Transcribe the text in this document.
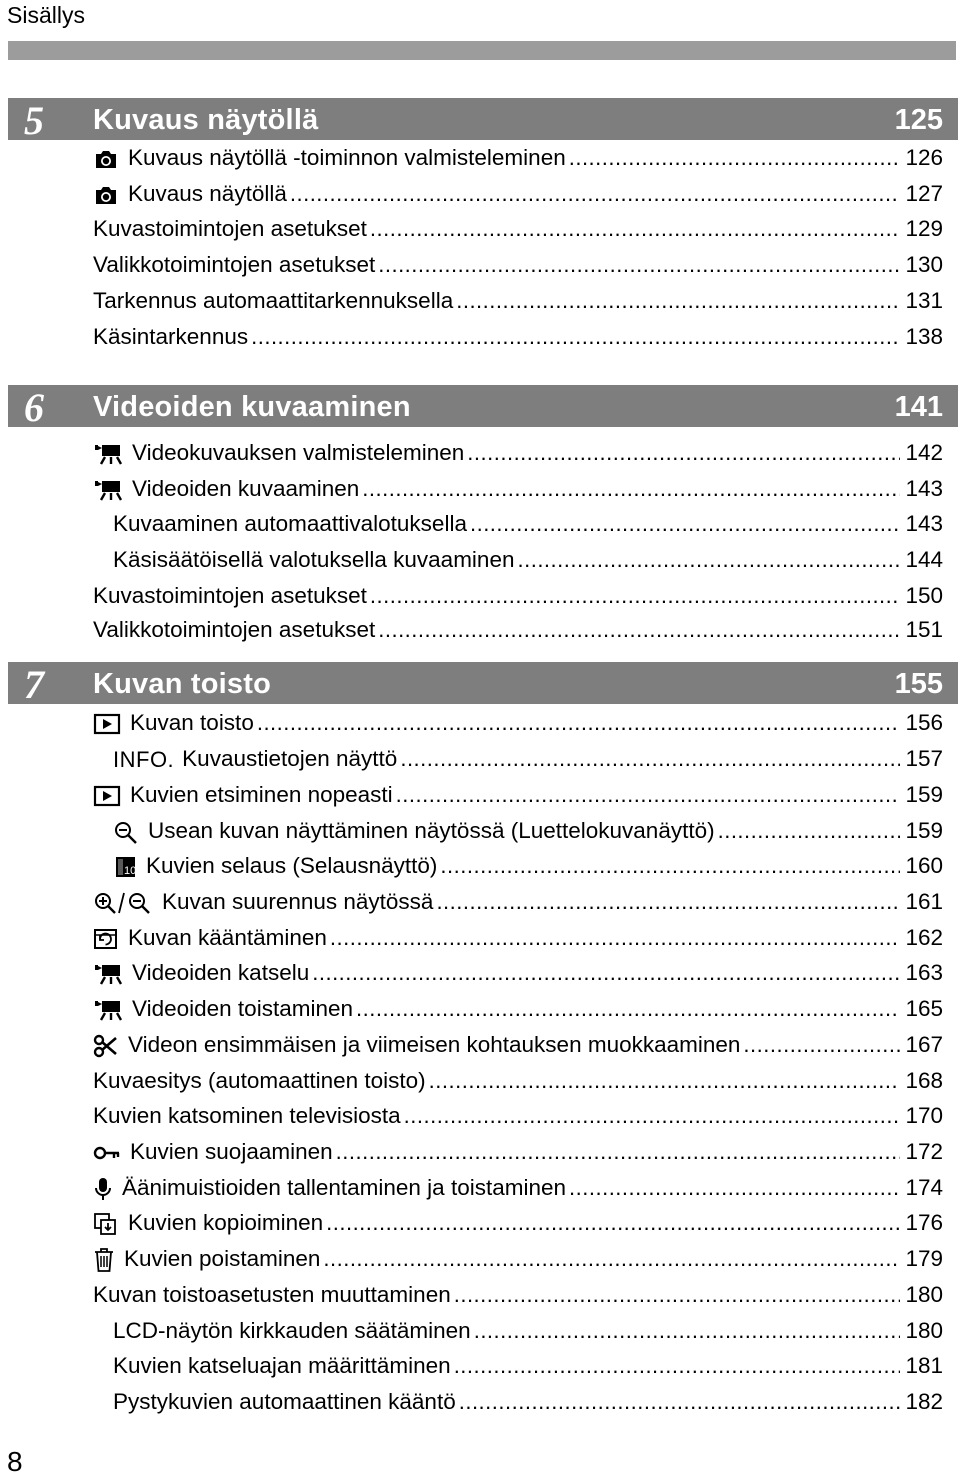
Sisällys
5 Kuvaus näytöllä	125
Kuvaus näytöllä -toiminnon valmisteleminen .....	126
Kuvaus näytöllä .....	127
Kuvastoimintojen asetukset .....	129
Valikkotoimintojen asetukset .....	130
Tarkennus automaattitarkennuksella .....	131
Käsintarkennus .....	138
6 Videoiden kuvaaminen	141
Videokuvauksen valmisteleminen .....	142
Videoiden kuvaaminen .....	143
Kuvaaminen automaattivalotuksella .....	143
Käsisäätöisellä valotuksella kuvaaminen .....	144
Kuvastoimintojen asetukset .....	150
Valikkotoimintojen asetukset .....	151
7 Kuvan toisto	155
Kuvan toisto .....	156
INFO. Kuvaustietojen näyttö .....	157
Kuvien etsiminen nopeasti .....	159
Usean kuvan näyttäminen näytössä (Luettelokuvanäyttö) .....	159
10 Kuvien selaus (Selausnäyttö) .....	160
Kuvan suurennus näytössä .....	161
Kuvan kääntäminen .....	162
Videoiden katselu .....	163
Videoiden toistaminen .....	165
Videon ensimmäisen ja viimeisen kohtauksen muokkaaminen .....	167
Kuvaesitys (automaattinen toisto) .....	168
Kuvien katsominen televisiosta .....	170
Kuvien suojaaminen .....	172
Äänimuistioiden tallentaminen ja toistaminen .....	174
Kuvien kopioiminen .....	176
Kuvien poistaminen .....	179
Kuvan toistoasetusten muuttaminen .....	180
LCD-näytön kirkkauden säätäminen .....	180
Kuvien katseluajan määrittäminen .....	181
Pystykuvien automaattinen kääntö .....	182
8
